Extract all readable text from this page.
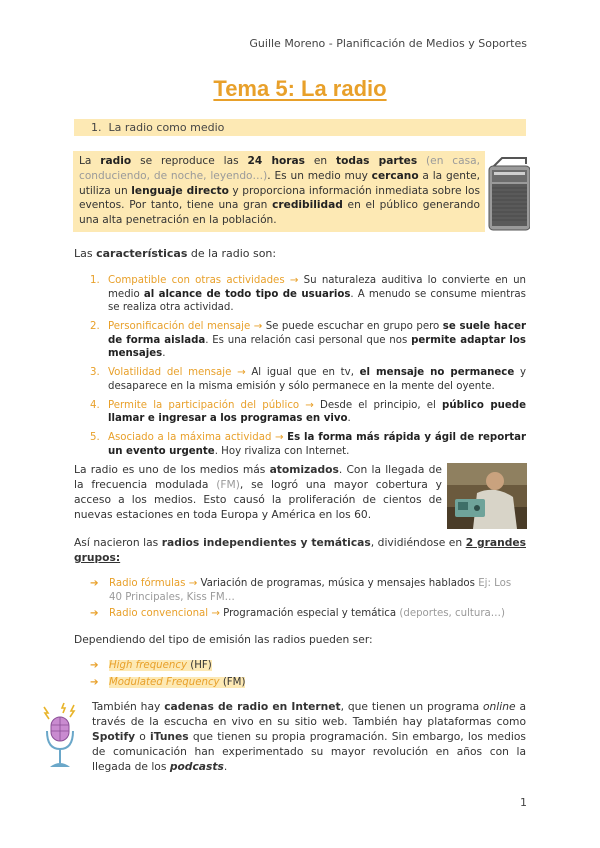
Guille Moreno - Planificación de Medios y Soportes
Tema 5: La radio
1. La radio como medio
La radio se reproduce las 24 horas en todas partes (en casa, conduciendo, de noche, leyendo…). Es un medio muy cercano a la gente, utiliza un lenguaje directo y proporciona información inmediata sobre los eventos. Por tanto, tiene una gran credibilidad en el público generando una alta penetración en la población.
Las características de la radio son:
1. Compatible con otras actividades → Su naturaleza auditiva lo convierte en un medio al alcance de todo tipo de usuarios. A menudo se consume mientras se realiza otra actividad.
2. Personificación del mensaje → Se puede escuchar en grupo pero se suele hacer de forma aislada. Es una relación casi personal que nos permite adaptar los mensajes.
3. Volatilidad del mensaje → Al igual que en tv, el mensaje no permanece y desaparece en la misma emisión y sólo permanece en la mente del oyente.
4. Permite la participación del público → Desde el principio, el público puede llamar e ingresar a los programas en vivo.
5. Asociado a la máxima actividad → Es la forma más rápida y ágil de reportar un evento urgente. Hoy rivaliza con Internet.
La radio es uno de los medios más atomizados. Con la llegada de la frecuencia modulada (FM), se logró una mayor cobertura y acceso a los medios. Esto causó la proliferación de cientos de nuevas estaciones en toda Europa y América en los 60.
Así nacieron las radios independientes y temáticas, dividiéndose en 2 grandes grupos:
➔ Radio fórmulas → Variación de programas, música y mensajes hablados Ej: Los 40 Principales, Kiss FM…
➔ Radio convencional → Programación especial y temática (deportes, cultura…)
Dependiendo del tipo de emisión las radios pueden ser:
➔ High frequency (HF)
➔ Modulated Frequency (FM)
También hay cadenas de radio en Internet, que tienen un programa online a través de la escucha en vivo en su sitio web. También hay plataformas como Spotify o iTunes que tienen su propia programación. Sin embargo, los medios de comunicación han experimentado su mayor revolución en años con la llegada de los podcasts.
1
